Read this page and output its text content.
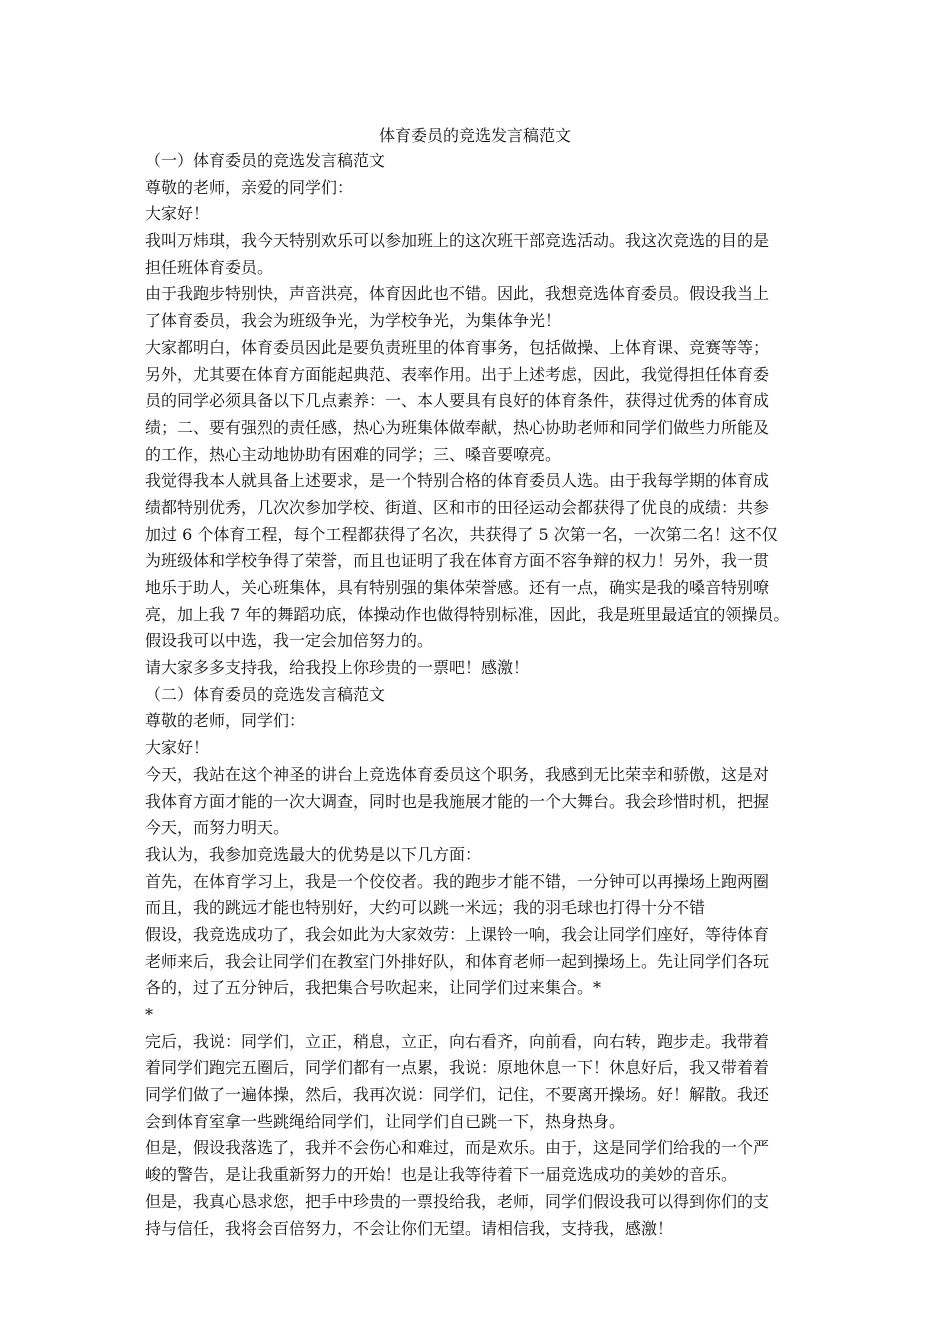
体育委员的竞选发言稿范文
（一）体育委员的竞选发言稿范文
尊敬的老师，亲爱的同学们：
大家好！
我叫万炜琪，我今天特别欢乐可以参加班上的这次班干部竞选活动。我这次竞选的目的是
担任班体育委员。
由于我跑步特别快，声音洪亮，体育因此也不错。因此，我想竞选体育委员。假设我当上
了体育委员，我会为班级争光，为学校争光，为集体争光！
大家都明白，体育委员因此是要负责班里的体育事务，包括做操、上体育课、竞赛等等；
另外，尤其要在体育方面能起典范、表率作用。出于上述考虑，因此，我觉得担任体育委
员的同学必须具备以下几点素养：一、本人要具有良好的体育条件，获得过优秀的体育成
绩；二、要有强烈的责任感，热心为班集体做奉献，热心协助老师和同学们做些力所能及
的工作，热心主动地协助有困难的同学；三、嗓音要嘹亮。
我觉得我本人就具备上述要求，是一个特别合格的体育委员人选。由于我每学期的体育成
绩都特别优秀，几次次参加学校、街道、区和市的田径运动会都获得了优良的成绩：共参
加过 6 个体育工程，每个工程都获得了名次，共获得了 5 次第一名，一次第二名！这不仅
为班级体和学校争得了荣誉，而且也证明了我在体育方面不容争辩的权力！另外，我一贯
地乐于助人，关心班集体，具有特别强的集体荣誉感。还有一点，确实是我的嗓音特别嘹
亮，加上我 7 年的舞蹈功底，体操动作也做得特别标准，因此，我是班里最适宜的领操员。
假设我可以中选，我一定会加倍努力的。
请大家多多支持我，给我投上你珍贵的一票吧！感激！
（二）体育委员的竞选发言稿范文
尊敬的老师，同学们：
大家好！
今天，我站在这个神圣的讲台上竞选体育委员这个职务，我感到无比荣幸和骄傲，这是对
我体育方面才能的一次大调查，同时也是我施展才能的一个大舞台。我会珍惜时机，把握
今天，而努力明天。
我认为，我参加竞选最大的优势是以下几方面：
首先，在体育学习上，我是一个佼佼者。我的跑步才能不错，一分钟可以再操场上跑两圈
而且，我的跳远才能也特别好，大约可以跳一米远；我的羽毛球也打得十分不错
假设，我竞选成功了，我会如此为大家效劳：上课铃一响，我会让同学们座好，等待体育
老师来后，我会让同学们在教室门外排好队，和体育老师一起到操场上。先让同学们各玩
各的，过了五分钟后，我把集合号吹起来，让同学们过来集合。*
*
完后，我说：同学们，立正，稍息，立正，向右看齐，向前看，向右转，跑步走。我带着
着同学们跑完五圈后，同学们都有一点累，我说：原地休息一下！休息好后，我又带着着
同学们做了一遍体操，然后，我再次说：同学们，记住，不要离开操场。好！解散。我还
会到体育室拿一些跳绳给同学们，让同学们自已跳一下，热身热身。
但是，假设我落选了，我并不会伤心和难过，而是欢乐。由于，这是同学们给我的一个严
峻的警告，是让我重新努力的开始！也是让我等待着下一届竞选成功的美妙的音乐。
但是，我真心恳求您，把手中珍贵的一票投给我，老师，同学们假设我可以得到你们的支
持与信任，我将会百倍努力，不会让你们无望。请相信我，支持我，感激！
